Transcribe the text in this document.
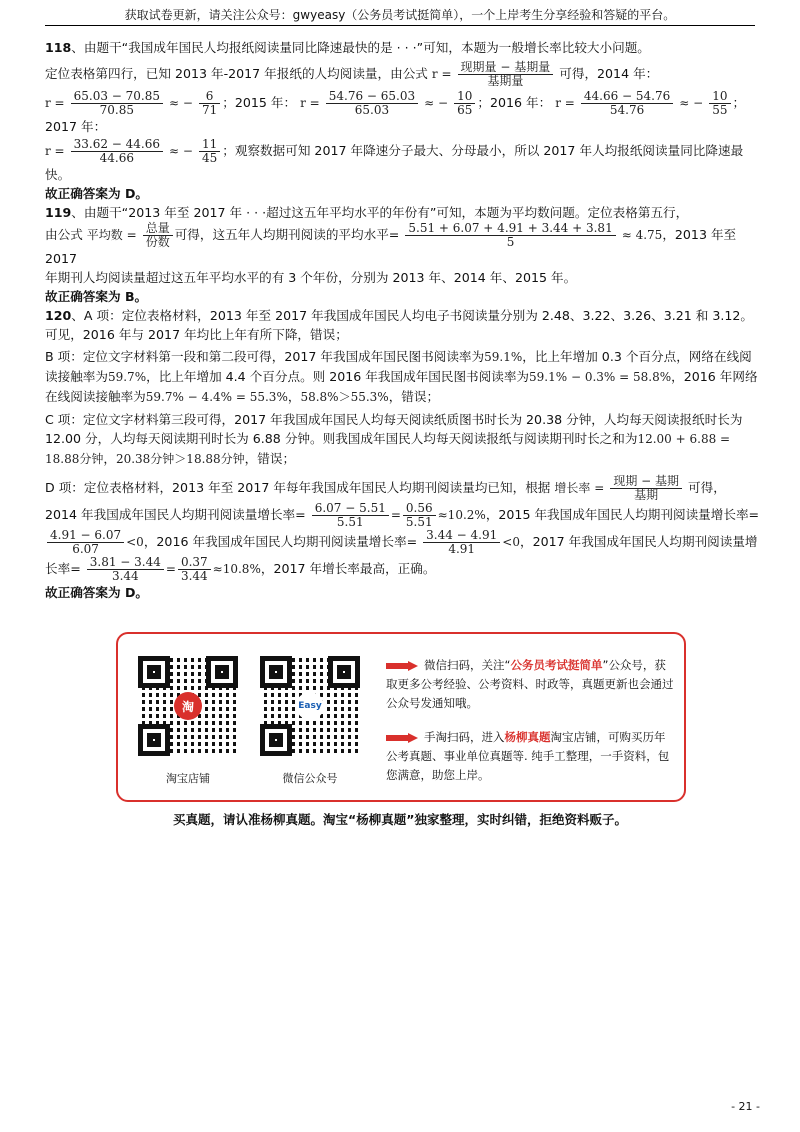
获取试卷更新，请关注公众号：gwyeasy（公务员考试挺简单），一个上岸考生分享经验和答疑的平台。

118、由题干“我国成年国民人均报纸阅读量同比降速最快的是 · · ·”可知，本题为一般增长率比较大小问题。

定位表格第四行，已知 2013 年-2017 年报纸的人均阅读量，由公式 $r = \frac{\text{现期量 − 基期量}}{\text{基期量}}$ 可得，2014 年：

$r = \frac{65.03 - 70.85}{70.85}$ ≈ − $\frac{6}{71}$ ；2015 年： $r = \frac{54.76 - 65.03}{65.03}$ ≈ − $\frac{10}{65}$ ；2016 年： $r = \frac{44.66 - 54.76}{54.76}$ ≈ − $\frac{10}{55}$ ；2017 年：

$r = \frac{33.62 - 44.66}{44.66}$ ≈ − $\frac{11}{45}$ ；观察数据可知 2017 年降速分子最大、分母最小，所以 2017 年人均报纸阅读量同比降速最快。

故正确答案为 D。

119、由题干“2013 年至 2017 年 · · ·超过这五年平均水平的年份有”可知，本题为平均数问题。定位表格第五行，

由公式 平均数 = $\frac{\text{总量}}{\text{份数}}$ 可得，这五年人均期刊阅读的平均水平= $\frac{5.51 + 6.07 + 4.91 + 3.44 + 3.81}{5} \approx 4.75$，2013 年至 2017

年期刊人均阅读量超过这五年平均水平的有 3 个年份，分别为 2013 年、2014 年、2015 年。

故正确答案为 B。

120、A 项：定位表格材料，2013 年至 2017 年我国成年国民人均电子书阅读量分别为 2.48、3.22、3.26、3.21 和 3.12。可见，2016 年与 2017 年均比上年有所下降，错误；

B 项：定位文字材料第一段和第二段可得，2017 年我国成年国民图书阅读率为59.1%，比上年增加 0.3 个百分点，网络在线阅读接触率为59.7%，比上年增加 4.4 个百分点。则 2016 年我国成年国民图书阅读率为59.1% − 0.3% = 58.8%，2016 年网络在线阅读接触率为59.7% − 4.4% = 55.3%，58.8%＞55.3%，错误；

C 项：定位文字材料第三段可得，2017 年我国成年国民人均每天阅读纸质图书时长为 20.38 分钟，人均每天阅读报纸时长为 12.00 分，人均每天阅读期刊时长为 6.88 分钟。则我国成年国民人均每天阅读报纸与阅读期刊时长之和为12.00 + 6.88 = 18.88分钟，20.38分钟＞18.88分钟，错误；

D 项：定位表格材料，2013 年至 2017 年每年我国成年国民人均期刊阅读量均已知，根据 增长率 = $\frac{\text{现期 − 基期}}{\text{基期}}$ 可得， 2014 年我国成年国民人均期刊阅读量增长率= $\frac{6.07 - 5.51}{5.51} = \frac{0.56}{5.51} \approx 10.2\%$，2015 年我国成年国民人均期刊阅读量增长率=
$\frac{4.91 - 6.07}{6.07} <0$，2016 年我国成年国民人均期刊阅读量增长率= $\frac{3.44 - 4.91}{4.91} <0$，2017 年我国成年国民人均期刊阅读量增长率= $\frac{3.81 - 3.44}{3.44} = \frac{0.37}{3.44} \approx 10.8\%$，2017 年增长率最高，正确。

故正确答案为 D。

淘
淘宝店铺
Easy
微信公众号
微信扫码，关注“公务员考试挺简单”公众号，获取更多公考经验、公考资料、时政等，真题更新也会通过公众号发通知哦。
手淘扫码，进入杨柳真题淘宝店铺，可购买历年公考真题、事业单位真题等. 纯手工整理，一手资料，包您满意，助您上岸。
买真题，请认准杨柳真题。淘宝“杨柳真题”独家整理，实时纠错，拒绝资料贩子。
- 21 -
